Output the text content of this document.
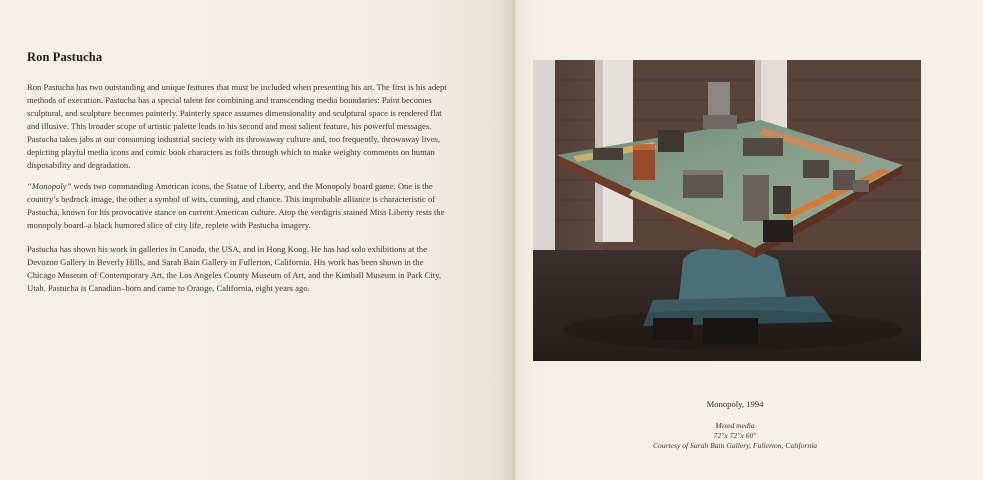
Ron Pastucha

Ron Pastucha has two outstanding and unique features that must be included when presenting his art. The first is his adept methods of execution. Pastucha has a special talent for combining and transcending media boundaries: Paint becomes sculptural, and sculpture becomes painterly. Painterly space assumes dimensionality and sculptural space is rendered flat and illusive. This broader scope of artistic palette leads to his second and most salient feature, his powerful messages. Pastucha takes jabs at our consuming industrial society with its throwaway culture and, too frequently, throwaway lives, depicting playful media icons and comic book characters as foils through which to make weighty comments on human disposability and degradation.

“Monopoly” weds two commanding American icons, the Statue of Liberty, and the Monopoly board game. One is the country’s bedrock image, the other a symbol of wits, cunning, and chance. This improbable alliance is characteristic of Pastucha, known for his provocative stance on current American culture. Atop the verdigris stained Miss Liberty rests the monopoly board–a black humored slice of city life, replete with Pastucha imagery.

Pastucha has shown his work in galleries in Canada, the USA, and in Hong Kong. He has had solo exhibitions at the Devozon Gallery in Beverly Hills, and Sarah Bain Gallery in Fullerton, California. His work has been shown in the Chicago Museum of Contemporary Art, the Los Angeles County Museum of Art, and the Kimball Museum in Park City, Utah. Pastucha is Canadian–born and came to Orange, California, eight years ago.

Monopoly, 1994
Mixed media
72"x 72"x 60"
Courtesy of Sarah Bain Gallery, Fullerton, California
